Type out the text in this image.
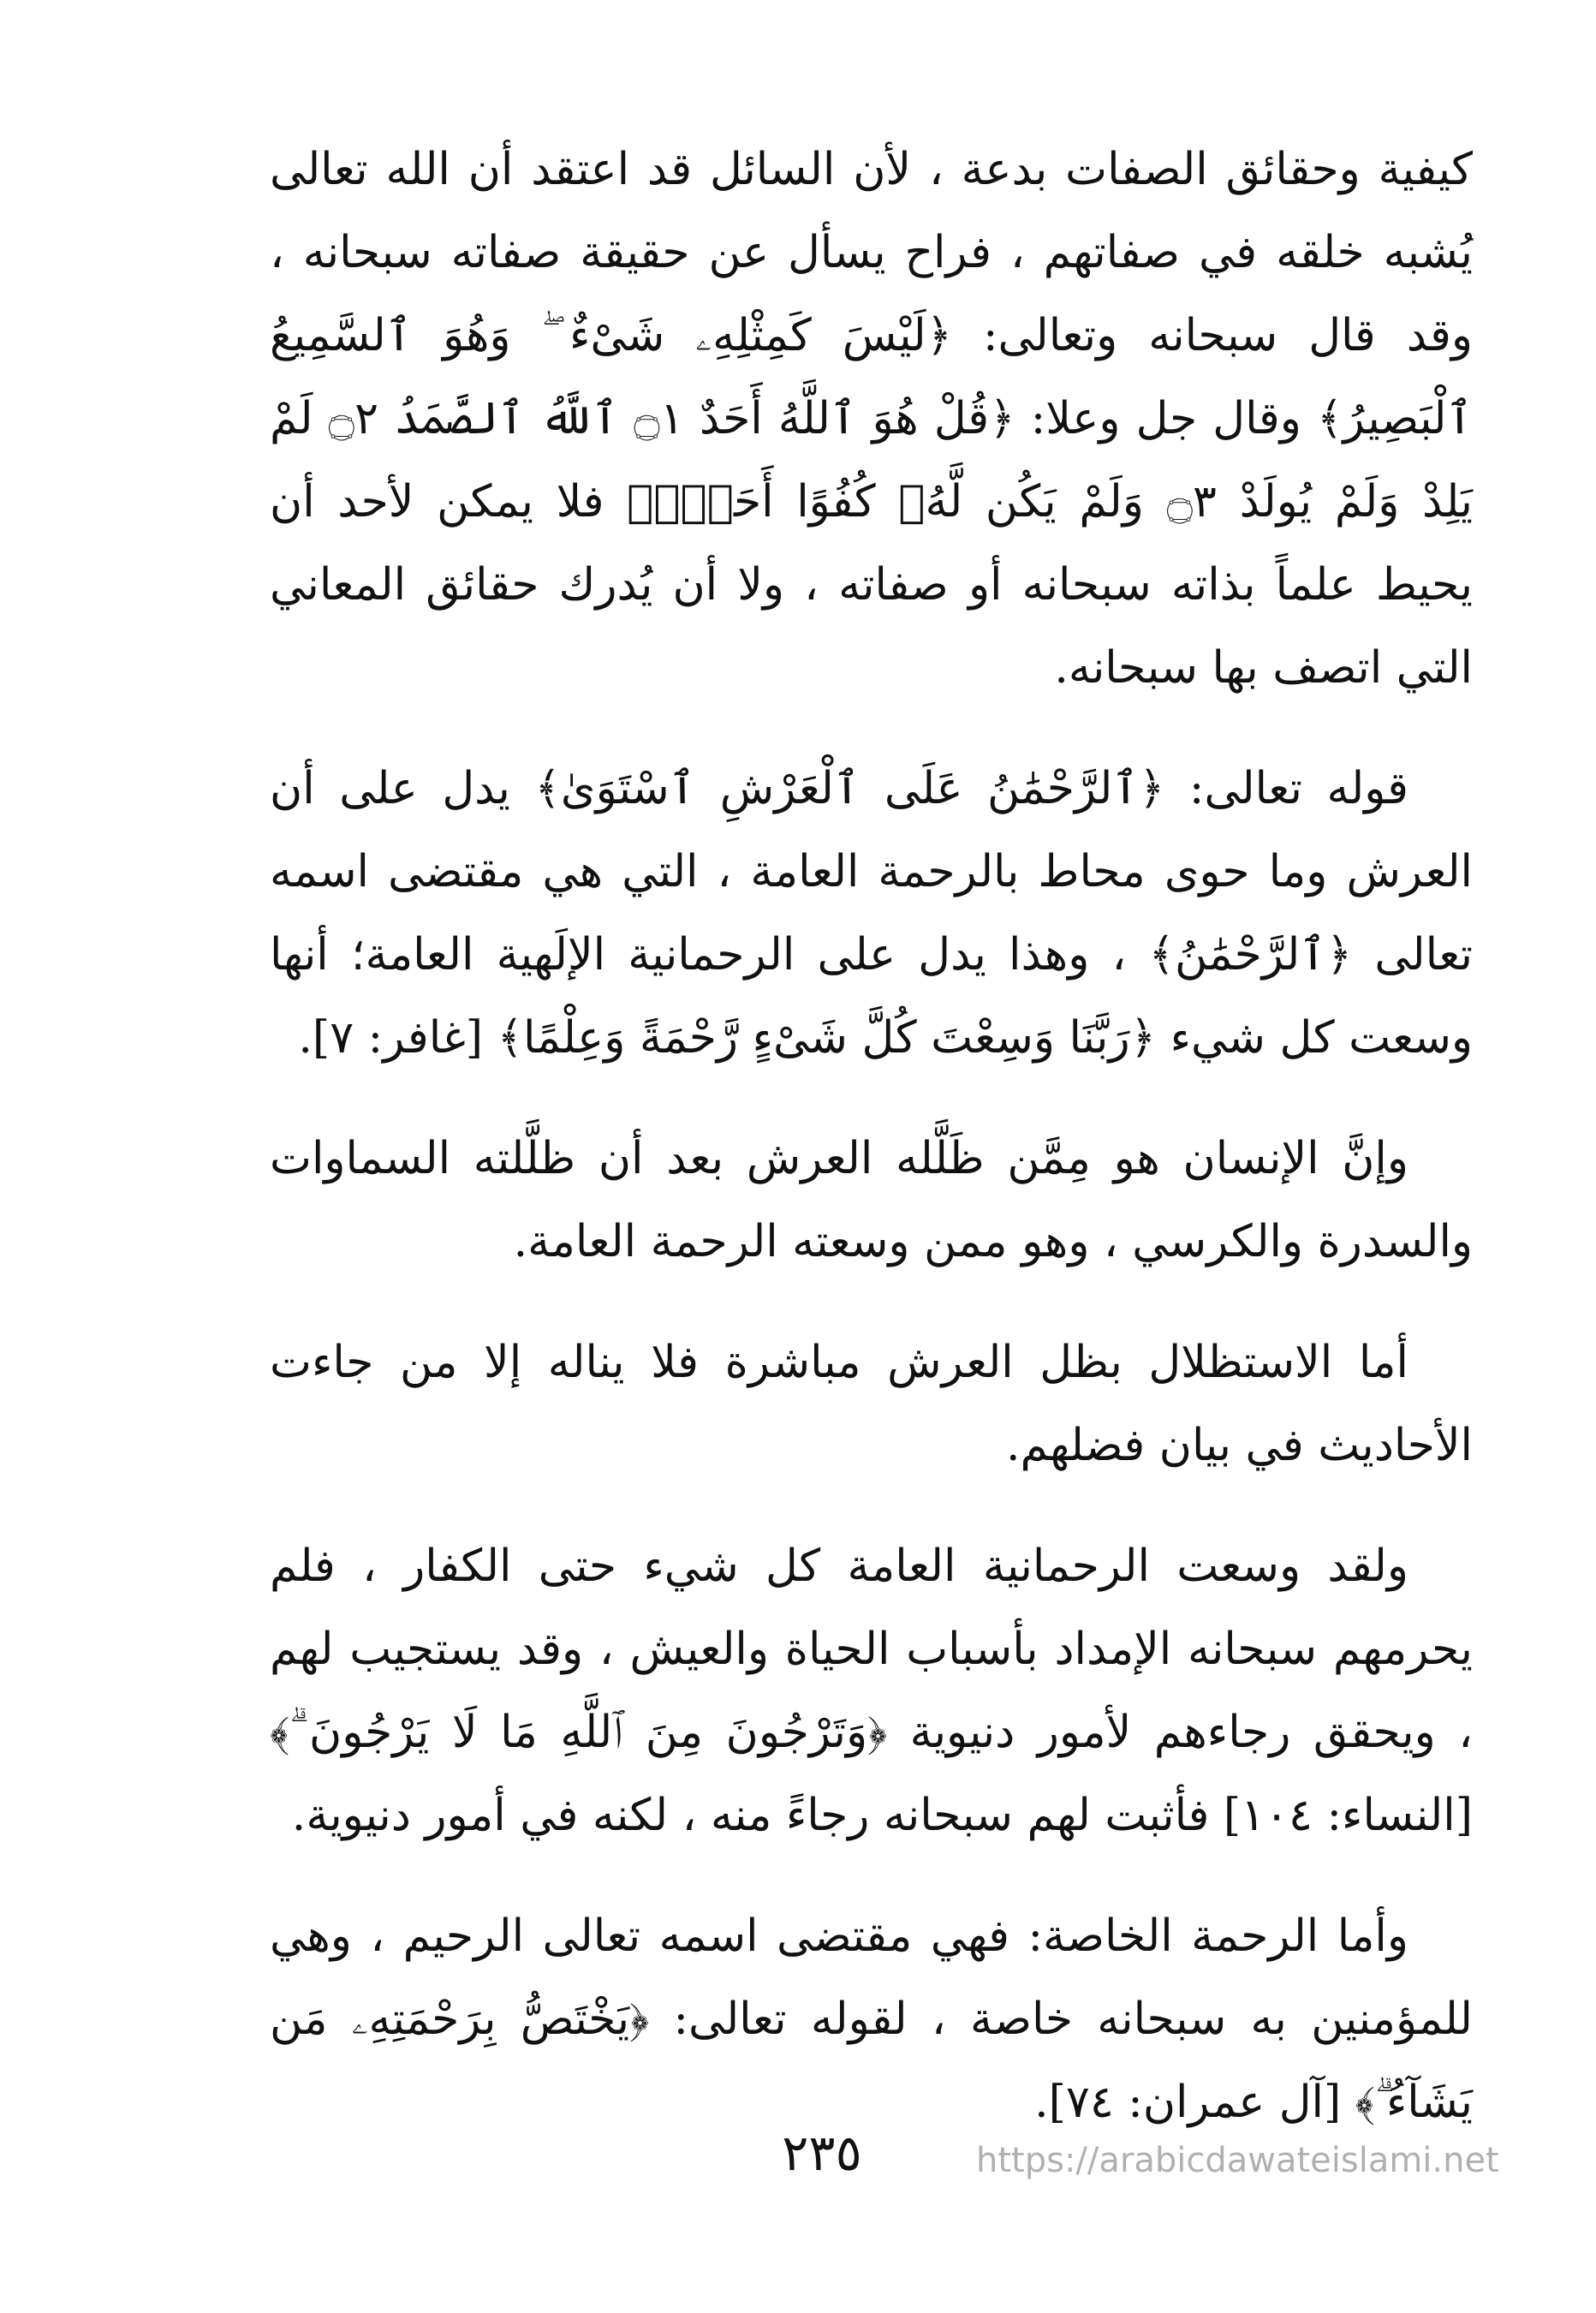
كيفية وحقائق الصفات بدعة ، لأن السائل قد اعتقد أن الله تعالى يُشبه خلقه في صفاتهم ، فراح يسأل عن حقيقة صفاته سبحانه ، وقد قال سبحانه وتعالى: ﴿لَيْسَ كَمِثْلِهِۦ شَىْءٌ ۖ وَهُوَ ٱلسَّمِيعُ ٱلْبَصِيرُ﴾ وقال جل وعلا: ﴿قُلْ هُوَ ٱللَّهُ أَحَدٌ ۝١ ٱللَّهُ ٱلصَّمَدُ ۝٢ لَمْ يَلِدْ وَلَمْ يُولَدْ ۝٣ وَلَمْ يَكُن لَّهُۥ كُفُوًا أَحَدٌۢ﴾ فلا يمكن لأحد أن يحيط علماً بذاته سبحانه أو صفاته ، ولا أن يُدرك حقائق المعاني التي اتصف بها سبحانه.

قوله تعالى: ﴿ٱلرَّحْمَٰنُ عَلَى ٱلْعَرْشِ ٱسْتَوَىٰ﴾ يدل على أن العرش وما حوى محاط بالرحمة العامة ، التي هي مقتضى اسمه تعالى ﴿ٱلرَّحْمَٰنُ﴾ ، وهذا يدل على الرحمانية الإلَهية العامة؛ أنها وسعت كل شيء ﴿رَبَّنَا وَسِعْتَ كُلَّ شَىْءٍ رَّحْمَةً وَعِلْمًا﴾ [غافر: ٧].

وإنَّ الإنسان هو مِمَّن ظَلَّله العرش بعد أن ظلَّلته السماوات والسدرة والكرسي ، وهو ممن وسعته الرحمة العامة.

أما الاستظلال بظل العرش مباشرة فلا يناله إلا من جاءت الأحاديث في بيان فضلهم.

ولقد وسعت الرحمانية العامة كل شيء حتى الكفار ، فلم يحرمهم سبحانه الإمداد بأسباب الحياة والعيش ، وقد يستجيب لهم ، ويحقق رجاءهم لأمور دنيوية ﴿وَتَرْجُونَ مِنَ ٱللَّهِ مَا لَا يَرْجُونَ ۗ﴾ [النساء: ١٠٤] فأثبت لهم سبحانه رجاءً منه ، لكنه في أمور دنيوية.

وأما الرحمة الخاصة: فهي مقتضى اسمه تعالى الرحيم ، وهي للمؤمنين به سبحانه خاصة ، لقوله تعالى: ﴿يَخْتَصُّ بِرَحْمَتِهِۦ مَن يَشَآءُ ۗ﴾ [آل عمران: ٧٤].

٢٣٥	https://arabicdawateislami.net
